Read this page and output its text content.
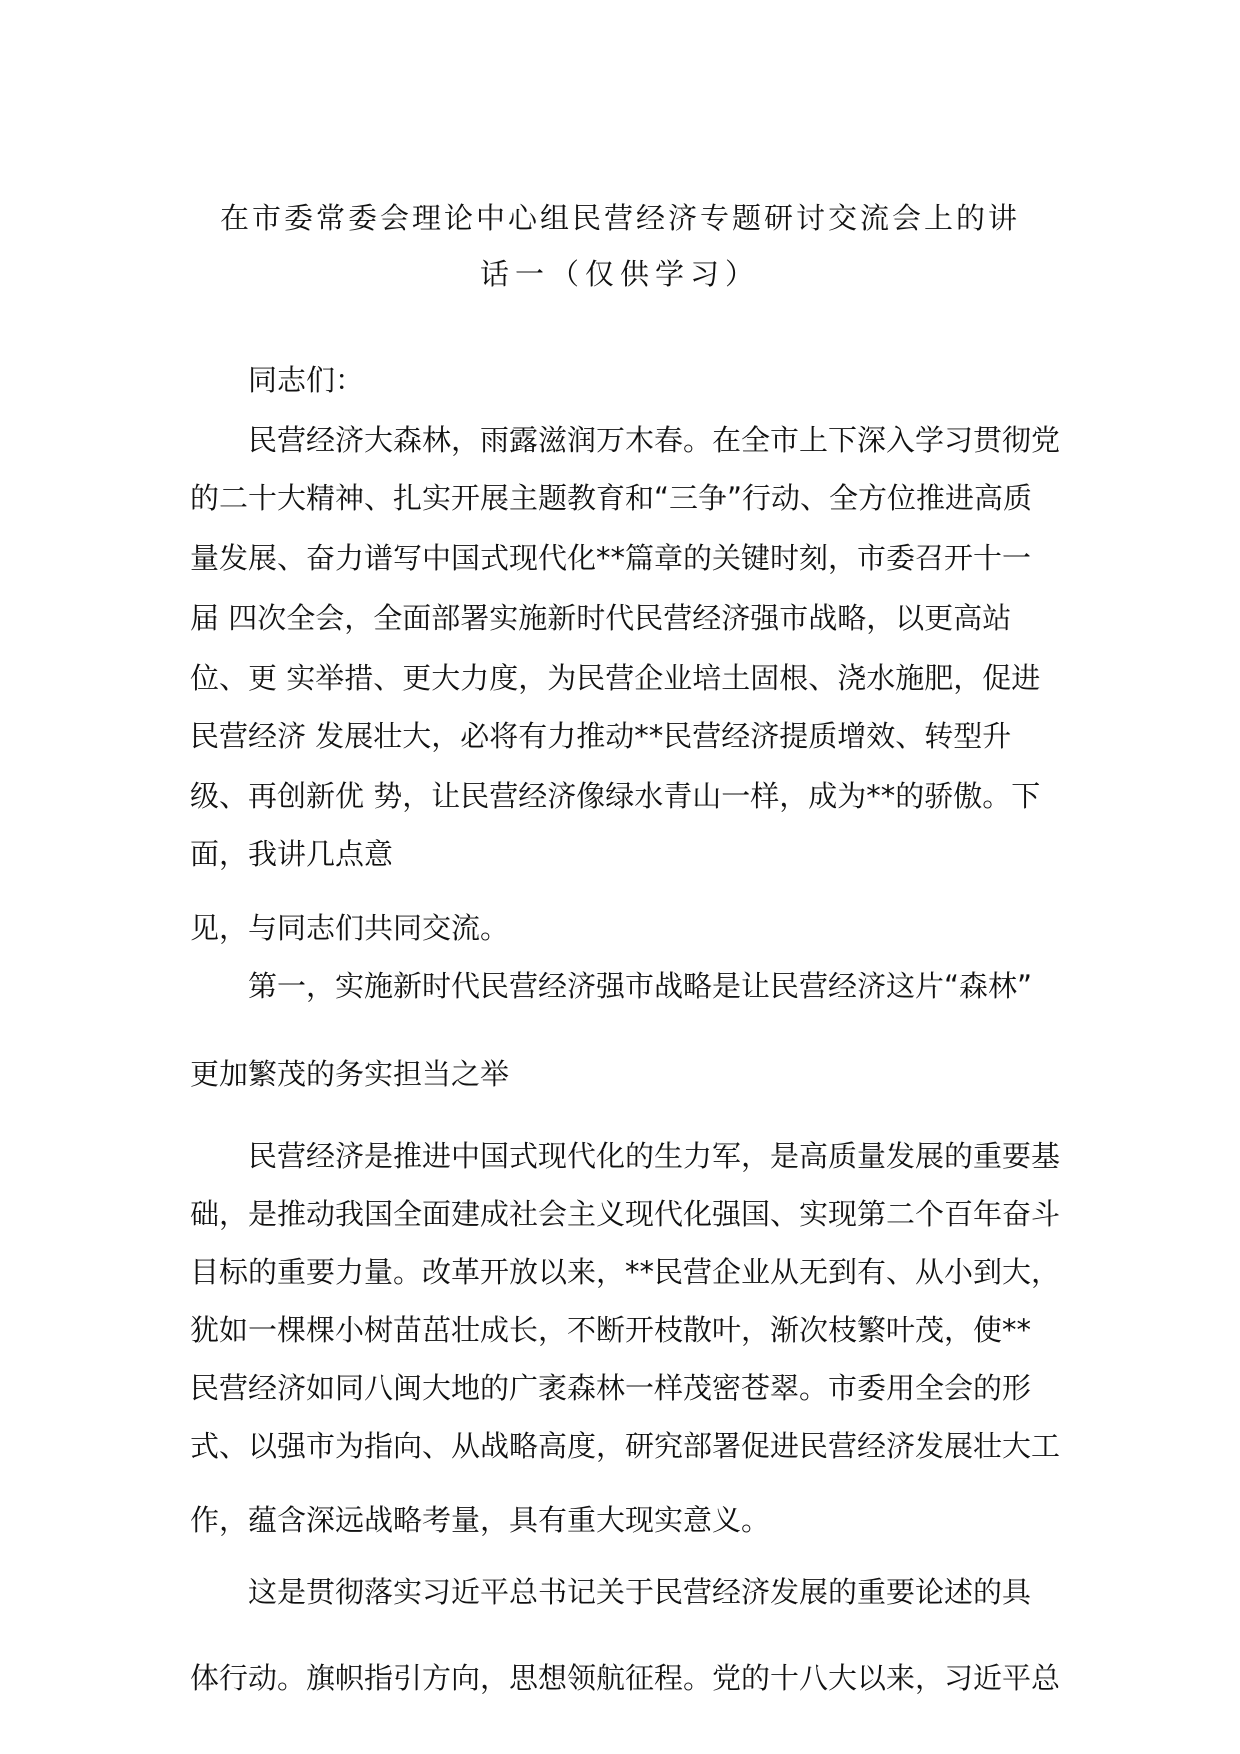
在市委常委会理论中心组民营经济专题研讨交流会上的讲
话一（仅供学习）
同志们：
民营经济大森林，雨露滋润万木春。在全市上下深入学习贯彻党
的二十大精神、扎实开展主题教育和“三争”行动、全方位推进高质
量发展、奋力谱写中国式现代化**篇章的关键时刻，市委召开十一
届 四次全会，全面部署实施新时代民营经济强市战略，以更高站
位、更 实举措、更大力度，为民营企业培土固根、浇水施肥，促进
民营经济 发展壮大，必将有力推动**民营经济提质增效、转型升
级、再创新优 势，让民营经济像绿水青山一样，成为**的骄傲。下
面，我讲几点意
见，与同志们共同交流。
第一，实施新时代民营经济强市战略是让民营经济这片“森林”
更加繁茂的务实担当之举
民营经济是推进中国式现代化的生力军，是高质量发展的重要基
础，是推动我国全面建成社会主义现代化强国、实现第二个百年奋斗
目标的重要力量。改革开放以来，**民营企业从无到有、从小到大，
犹如一棵棵小树苗茁壮成长，不断开枝散叶，渐次枝繁叶茂，使**
民营经济如同八闽大地的广袤森林一样茂密苍翠。市委用全会的形
式、以强市为指向、从战略高度，研究部署促进民营经济发展壮大工
作，蕴含深远战略考量，具有重大现实意义。
这是贯彻落实习近平总书记关于民营经济发展的重要论述的具
体行动。旗帜指引方向，思想领航征程。党的十八大以来，习近平总
